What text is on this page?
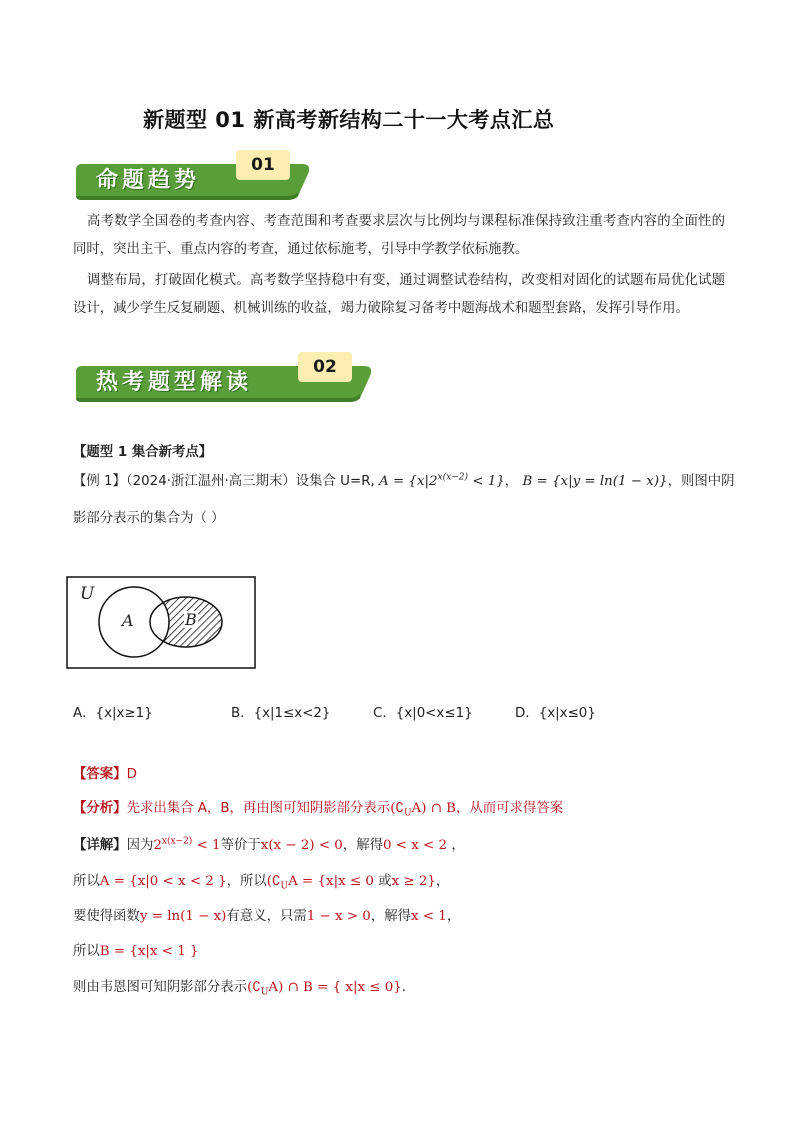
新题型 01 新高考新结构二十一大考点汇总
命题趋势
01
高考数学全国卷的考查内容、考查范围和考查要求层次与比例均与课程标准保持致注重考查内容的全面性的同时，突出主干、重点内容的考查，通过依标施考，引导中学教学依标施教。
调整布局，打破固化模式。高考数学坚持稳中有变，通过调整试卷结构，改变相对固化的试题布局优化试题设计，减少学生反复刷题、机械训练的收益，竭力破除复习备考中题海战术和题型套路，发挥引导作用。
热考题型解读
02
【题型 1 集合新考点】
【例 1】（2024·浙江温州·高三期末）设集合 U=R, $A = \{x|2^{x(x-2)} < 1\}$， B = {x|y = ln(1 − x)}，则图中阴
影部分表示的集合为（ ）
U
A	B
A．{x|x≥1}	B．{x|1≤x<2}	C．{x|0<x≤1}	D．{x|x≤0}
【答案】D
【分析】先求出集合 A，B，再由图可知阴影部分表示$(∁_UA)$ ∩ B，从而可求得答案
【详解】因为$2^{x(x-2)} < 1$等价于x(x − 2) < 0，解得0 < x < 2 ，
所以A = {x|0 < x < 2 }，所以($∁_UA = \{x|x \le 0$ 或x ≥ 2}，
要使得函数y = ln(1 − x)有意义，只需1 − x > 0，解得x < 1，
所以B = {x|x < 1 }
则由韦恩图可知阴影部分表示$(∁_UA)$ ∩ B = { x|x ≤ 0}.
